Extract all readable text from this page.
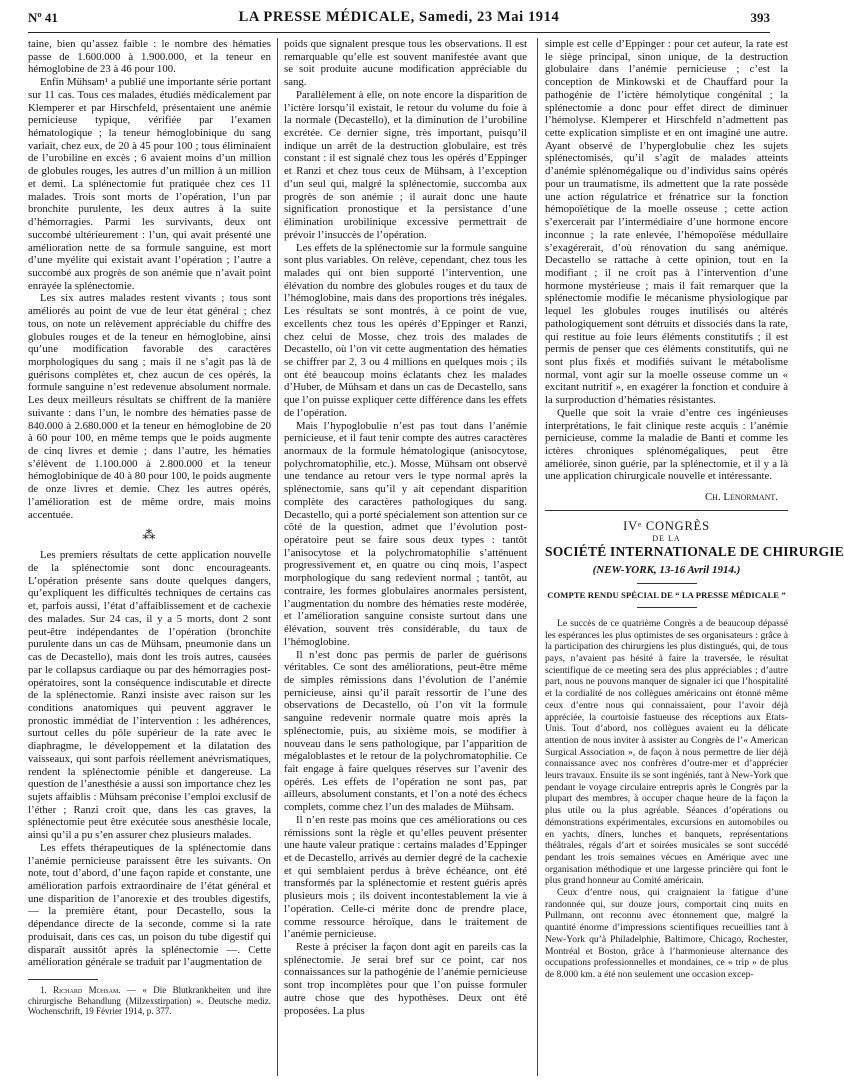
Nº 41	LA PRESSE MÉDICALE, Samedi, 23 Mai 1914	393

taine, bien qu’assez faible : le nombre des hématies passe de 1.600.000 à 1.900.000, et la teneur en hémoglobine de 23 à 46 pour 100.

Enfin Mühsam¹ a publié une importante série portant sur 11 cas. Tous ces malades, étudiés médicalement par Klemperer et par Hirschfeld, présentaient une anémie pernicieuse typique, vérifiée par l’examen hématologique ; la teneur hémoglobinique du sang variait, chez eux, de 20 à 45 pour 100 ; tous éliminaient de l’urobiline en excès ; 6 avaient moins d’un million de globules rouges, les autres d’un million à un million et demi. La splénectomie fut pratiquée chez ces 11 malades. Trois sont morts de l’opération, l’un par bronchite purulente, les deux autres à la suite d’hémorragies. Parmi les survivants, deux ont succombé ultérieurement : l’un, qui avait présenté une amélioration nette de sa formule sanguine, est mort d’une myélite qui existait avant l’opération ; l’autre a succombé aux progrès de son anémie que n’avait point enrayée la splénectomie.

Les six autres malades restent vivants ; tous sont améliorés au point de vue de leur état général ; chez tous, on note un relèvement appréciable du chiffre des globules rouges et de la teneur en hémoglobine, ainsi qu’une modification favorable des caractères morphologiques du sang ; mais il ne s’agit pas là de guérisons complètes et, chez aucun de ces opérés, la formule sanguine n’est redevenue absolument normale. Les deux meilleurs résultats se chiffrent de la manière suivante : dans l’un, le nombre des hématies passe de 840.000 à 2.680.000 et la teneur en hémoglobine de 20 à 60 pour 100, en même temps que le poids augmente de cinq livres et demie ; dans l’autre, les hématies s’élèvent de 1.100.000 à 2.800.000 et la teneur hémoglobinique de 40 à 80 pour 100, le poids augmente de onze livres et demie. Chez les autres opérés, l’amélioration est de même ordre, mais moins accentuée.

⁂

Les premiers résultats de cette application nouvelle de la splénectomie sont donc encourageants. L’opération présente sans doute quelques dangers, qu’expliquent les difficultés techniques de certains cas et, parfois aussi, l’état d’affaiblissement et de cachexie des malades. Sur 24 cas, il y a 5 morts, dont 2 sont peut-être indépendantes de l’opération (bronchite purulente dans un cas de Mühsam, pneumonie dans un cas de Decastello), mais dont les trois autres, causées par le collapsus cardiaque ou par des hémorragies post-opératoires, sont la conséquence indiscutable et directe de la splénectomie. Ranzi insiste avec raison sur les conditions anatomiques qui peuvent aggraver le pronostic immédiat de l’intervention : les adhérences, surtout celles du pôle supérieur de la rate avec le diaphragme, le développement et la dilatation des vaisseaux, qui sont parfois réellement anévrismatiques, rendent la splénectomie pénible et dangereuse. La question de l’anesthésie a aussi son importance chez les sujets affaiblis : Mühsam préconise l’emploi exclusif de l’éther ; Ranzi croit que, dans les cas graves, la splénectomie peut être exécutée sous anesthésie locale, ainsi qu’il a pu s’en assurer chez plusieurs malades.

Les effets thérapeutiques de la splénectomie dans l’anémie pernicieuse paraissent être les suivants. On note, tout d’abord, d’une façon rapide et constante, une amélioration parfois extraordinaire de l’état général et une disparition de l’anorexie et des troubles digestifs, — la première étant, pour Decastello, sous la dépendance directe de la seconde, comme si la rate produisait, dans ces cas, un poison du tube digestif qui disparaît aussitôt après la splénectomie —. Cette amélioration générale se traduit par l’augmentation de

1. Richard Mühsam. — « Die Blutkrankheiten und ihre chirurgische Behandlung (Milzexstirpation) ». Deutsche mediz. Wochenschrift, 19 Février 1914, p. 377.

poids que signalent presque tous les observations. Il est remarquable qu’elle est souvent manifestée avant que se soit produite aucune modification appréciable du sang.

Parallèlement à elle, on note encore la disparition de l’ictère lorsqu’il existait, le retour du volume du foie à la normale (Decastello), et la diminution de l’urobiline excrétée. Ce dernier signe, très important, puisqu’il indique un arrêt de la destruction globulaire, est très constant : il est signalé chez tous les opérés d’Eppinger et Ranzi et chez tous ceux de Mühsam, à l’exception d’un seul qui, malgré la splénectomie, succomba aux progrès de son anémie ; il aurait donc une haute signification pronostique et la persistance d’une élimination urobilinique excessive permettrait de prévoir l’insuccès de l’opération.

Les effets de la splénectomie sur la formule sanguine sont plus variables. On relève, cependant, chez tous les malades qui ont bien supporté l’intervention, une élévation du nombre des globules rouges et du taux de l’hémoglobine, mais dans des proportions très inégales. Les résultats se sont montrés, à ce point de vue, excellents chez tous les opérés d’Eppinger et Ranzi, chez celui de Mosse, chez trois des malades de Decastello, où l’on vit cette augmentation des hématies se chiffrer par 2, 3 ou 4 millions en quelques mois ; ils ont été beaucoup moins éclatants chez les malades d’Huber, de Mühsam et dans un cas de Decastello, sans que l’on puisse expliquer cette différence dans les effets de l’opération.

Mais l’hypoglobulie n’est pas tout dans l’anémie pernicieuse, et il faut tenir compte des autres caractères anormaux de la formule hématologique (anisocytose, polychromatophilie, etc.). Mosse, Mühsam ont observé une tendance au retour vers le type normal après la splénectomie, sans qu’il y ait cependant disparition complète des caractères pathologiques du sang. Decastello, qui a porté spécialement son attention sur ce côté de la question, admet que l’évolution post-opératoire peut se faire sous deux types : tantôt l’anisocytose et la polychromatophilie s’atténuent progressivement et, en quatre ou cinq mois, l’aspect morphologique du sang redevient normal ; tantôt, au contraire, les formes globulaires anormales persistent, l’augmentation du nombre des hématies reste modérée, et l’amélioration sanguine consiste surtout dans une élévation, souvent très considérable, du taux de l’hémoglobine.

Il n’est donc pas permis de parler de guérisons véritables. Ce sont des améliorations, peut-être même de simples rémissions dans l’évolution de l’anémie pernicieuse, ainsi qu’il paraît ressortir de l’une des observations de Decastello, où l’on vit la formule sanguine redevenir normale quatre mois après la splénectomie, puis, au sixième mois, se modifier à nouveau dans le sens pathologique, par l’apparition de mégaloblastes et le retour de la polychromatophilie. Ce fait engage à faire quelques réserves sur l’avenir des opérés. Les effets de l’opération ne sont pas, par ailleurs, absolument constants, et l’on a noté des échecs complets, comme chez l’un des malades de Mühsam.

Il n’en reste pas moins que ces améliorations ou ces rémissions sont la règle et qu’elles peuvent présenter une haute valeur pratique : certains malades d’Eppinger et de Decastello, arrivés au dernier degré de la cachexie et qui semblaient perdus à brève échéance, ont été transformés par la splénectomie et restent guéris après plusieurs mois ; ils doivent incontestablement la vie à l’opération. Celle-ci mérite donc de prendre place, comme ressource héroïque, dans le traitement de l’anémie pernicieuse.

Reste à préciser la façon dont agit en pareils cas la splénectomie. Je serai bref sur ce point, car nos connaissances sur la pathogénie de l’anémie pernicieuse sont trop incomplètes pour que l’on puisse formuler autre chose que des hypothèses. Deux ont été proposées. La plus

simple est celle d’Eppinger : pour cet auteur, la rate est le siège principal, sinon unique, de la destruction globulaire dans l’anémie pernicieuse ; c’est la conception de Minkowski et de Chauffard pour la pathogénie de l’ictère hémolytique congénital ; la splénectomie a donc pour effet direct de diminuer l’hémolyse. Klemperer et Hirschfeld n’admettent pas cette explication simpliste et en ont imaginé une autre. Ayant observé de l’hyperglobulie chez les sujets splénectomisés, qu’il s’agît de malades atteints d’anémie splénomégalique ou d’individus sains opérés pour un traumatisme, ils admettent que la rate possède une action régulatrice et frénatrice sur la fonction hémopoïétique de la moelle osseuse ; cette action s’exercerait par l’intermédiaire d’une hormone encore inconnue ; la rate enlevée, l’hémopoïèse médullaire s’exagérerait, d’où rénovation du sang anémique. Decastello se rattache à cette opinion, tout en la modifiant ; il ne croit pas à l’intervention d’une hormone mystérieuse ; mais il fait remarquer que la splénectomie modifie le mécanisme physiologique par lequel les globules rouges inutilisés ou altérés pathologiquement sont détruits et dissociés dans la rate, qui restitue au foie leurs éléments constitutifs ; il est permis de penser que ces éléments constitutifs, qui ne sont plus fixés et modifiés suivant le métabolisme normal, vont agir sur la moelle osseuse comme un « excitant nutritif », en exagérer la fonction et conduire à la surproduction d’hématies résistantes.

Quelle que soit la vraie d’entre ces ingénieuses interprétations, le fait clinique reste acquis : l’anémie pernicieuse, comme la maladie de Banti et comme les ictères chroniques splénomégaliques, peut être améliorée, sinon guérie, par la splénectomie, et il y a là une application chirurgicale nouvelle et intéressante.

Ch. Lenormant.
IVᵉ CONGRÈS
DE LA
SOCIÉTÉ INTERNATIONALE DE CHIRURGIE
(NEW-YORK, 13-16 Avril 1914.)
COMPTE RENDU SPÉCIAL DE “ LA PRESSE MÉDICALE ”

Le succès de ce quatrième Congrès a de beaucoup dépassé les espérances les plus optimistes de ses organisateurs : grâce à la participation des chirurgiens les plus distingués, qui, de tous pays, n’avaient pas hésité à faire la traversée, le résultat scientifique de ce meeting sera des plus appréciables ; d’autre part, nous ne pouvons manquer de signaler ici que l’hospitalité et la cordialité de nos collègues américains ont étonné même ceux d’entre nous qui connaissaient, pour l’avoir déjà appréciée, la courtoisie fastueuse des réceptions aux Etats-Unis. Tout d’abord, nos collègues avaient eu la délicate attention de nous inviter à assister au Congrès de l’« American Surgical Association », de façon à nous permettre de lier déjà connaissance avec nos confrères d’outre-mer et d’apprécier leurs travaux. Ensuite ils se sont ingéniés, tant à New-York que pendant le voyage circulaire entrepris après le Congrès par la plupart des membres, à occuper chaque heure de la façon la plus utile ou la plus agréable. Séances d’opérations ou démonstrations expérimentales, excursions en automobiles ou en yachts, dîners, lunches et banquets, représentations théâtrales, régals d’art et soirées musicales se sont succédé pendant les trois semaines vécues en Amérique avec une organisation méthodique et une largesse princière qui font le plus grand honneur au Comité américain.

Ceux d’entre nous, qui craignaient la fatigue d’une randonnée qui, sur douze jours, comportait cinq nuits en Pullmann, ont reconnu avec étonnement que, malgré la quantité énorme d’impressions scientifiques recueillies tant à New-York qu’à Philadelphie, Baltimore, Chicago, Rochester, Montréal et Boston, grâce à l’harmonieuse alternance des occupations professionnelles et mondaines, ce « trip » de plus de 8.000 km. a été non seulement une occasion excep-
